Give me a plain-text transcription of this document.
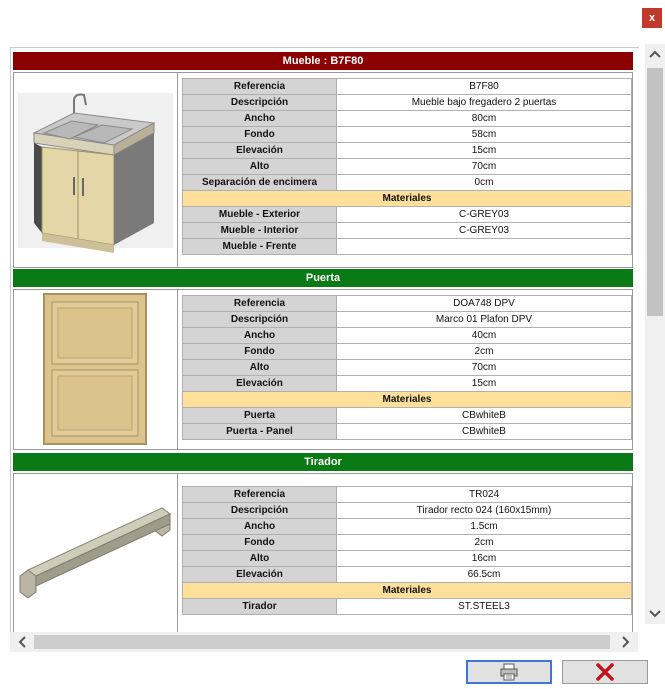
x
Mueble : B7F80
Referencia	B7F80
Descripción	Mueble bajo fregadero 2 puertas
Ancho	80cm
Fondo	58cm
Elevación	15cm
Alto	70cm
Separación de encimera	0cm
Materiales	
Mueble - Exterior	C-GREY03
Mueble - Interior	C-GREY03
Mueble - Frente	
Puerta
Referencia	DOA748 DPV
Descripción	Marco 01 Plafon DPV
Ancho	40cm
Fondo	2cm
Alto	70cm
Elevación	15cm
Materiales	
Puerta	CBwhiteB
Puerta - Panel	CBwhiteB
Tirador
Referencia	TR024
Descripción	Tirador recto 024 (160x15mm)
Ancho	1.5cm
Fondo	2cm
Alto	16cm
Elevación	66.5cm
Materiales	
Tirador	ST.STEEL3
